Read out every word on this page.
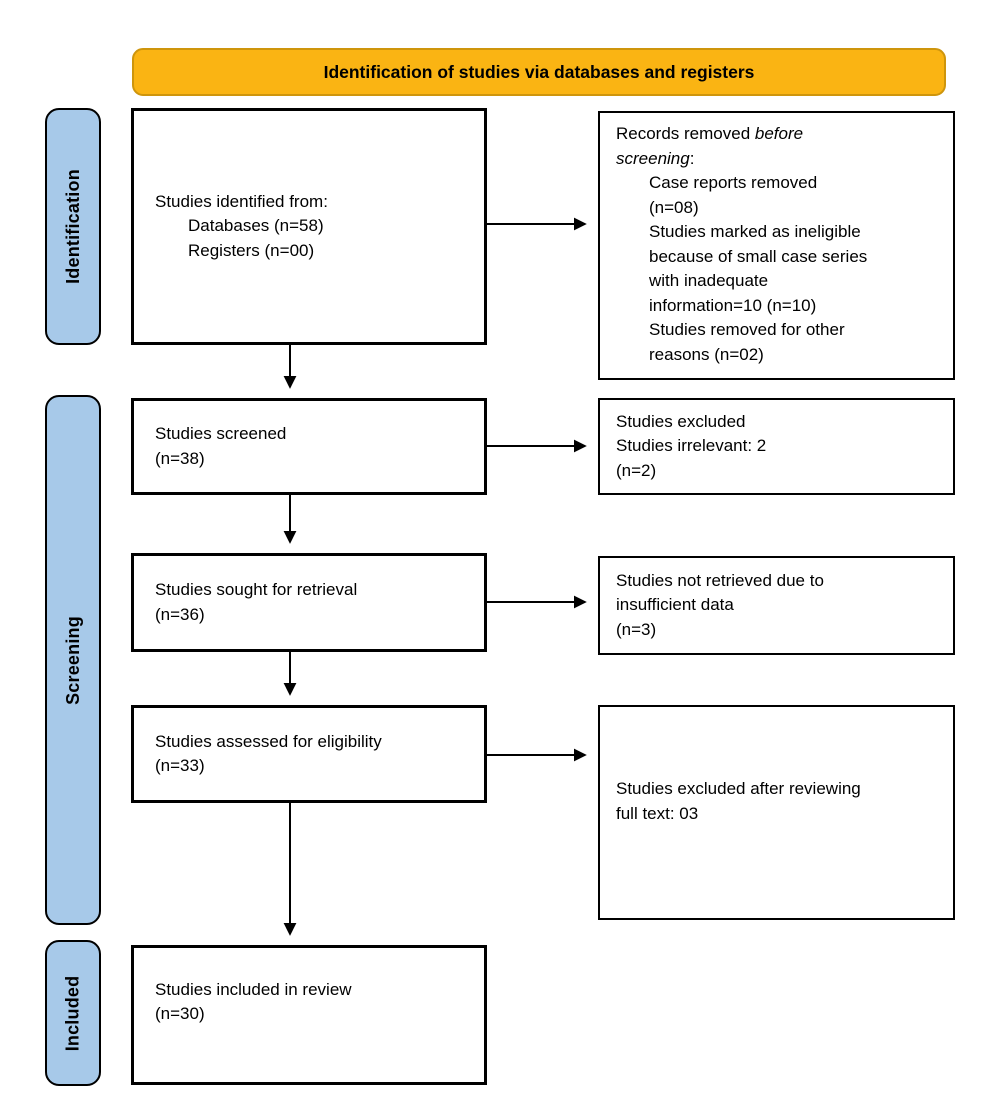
Identification of studies via databases and registers
Identification
Screening
Included
Studies identified from:
Databases (n=58)
Registers (n=00)
Studies screened
(n=38)
Studies sought for retrieval
(n=36)
Studies assessed for eligibility
(n=33)
Studies included in review
(n=30)
Records removed before
screening:
Case reports removed
(n=08)
Studies marked as ineligible
because of small case series
with inadequate
information=10 (n=10)
Studies removed for other
reasons (n=02)
Studies excluded
Studies irrelevant: 2
(n=2)
Studies not retrieved due to
insufficient data
(n=3)
Studies excluded after reviewing
full text: 03
